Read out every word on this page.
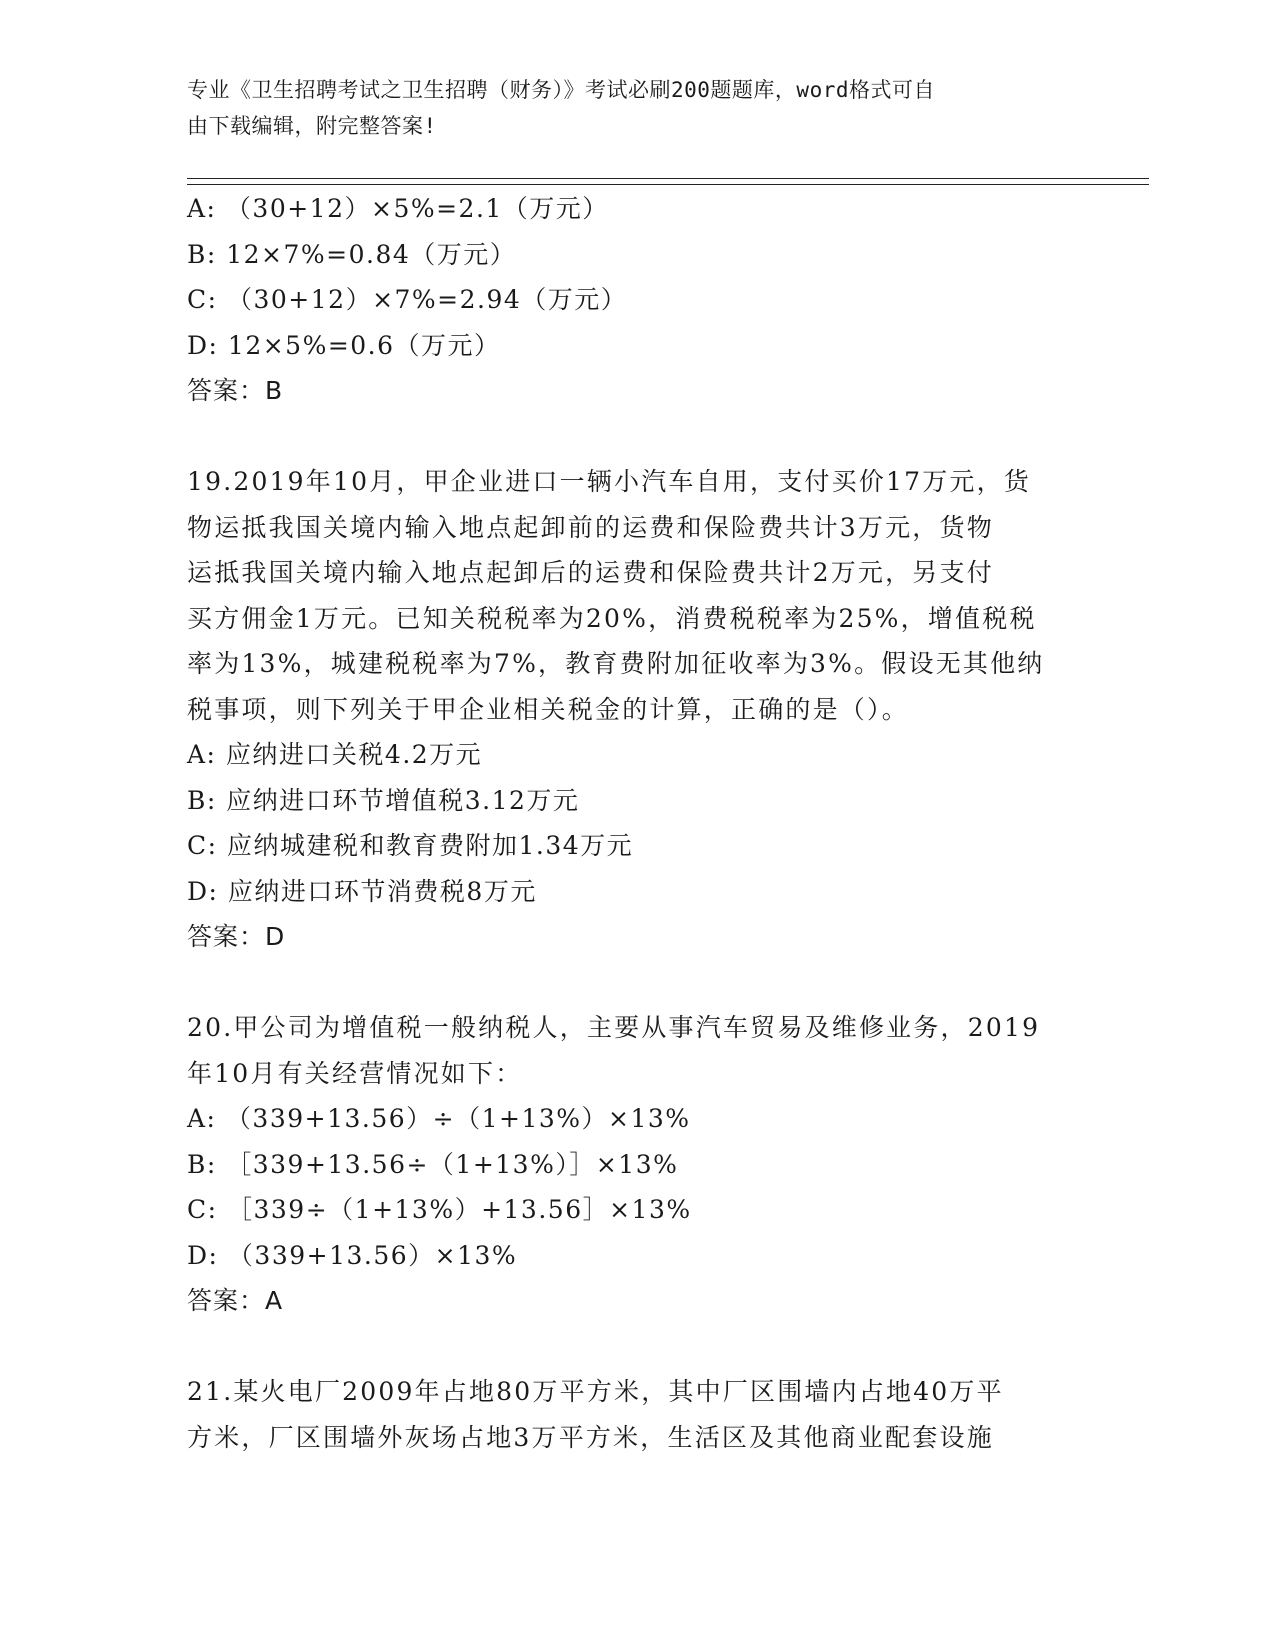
专业《卫生招聘考试之卫生招聘（财务）》考试必刷200题题库，word格式可自
由下载编辑，附完整答案!
A: （30+12）×5%=2.1（万元）
B: 12×7%=0.84（万元）
C: （30+12）×7%=2.94（万元）
D: 12×5%=0.6（万元）
答案：B
19.2019年10月，甲企业进口一辆小汽车自用，支付买价17万元，货
物运抵我国关境内输入地点起卸前的运费和保险费共计3万元，货物
运抵我国关境内输入地点起卸后的运费和保险费共计2万元，另支付
买方佣金1万元。已知关税税率为20%，消费税税率为25%，增值税税
率为13%，城建税税率为7%，教育费附加征收率为3%。假设无其他纳
税事项，则下列关于甲企业相关税金的计算，正确的是（）。
A: 应纳进口关税4.2万元
B: 应纳进口环节增值税3.12万元
C: 应纳城建税和教育费附加1.34万元
D: 应纳进口环节消费税8万元
答案：D
20.甲公司为增值税一般纳税人，主要从事汽车贸易及维修业务，2019
年10月有关经营情况如下：
A: （339+13.56）÷（1+13%）×13%
B: ［339+13.56÷（1+13%）］×13%
C: ［339÷（1+13%）+13.56］×13%
D: （339+13.56）×13%
答案：A
21.某火电厂2009年占地80万平方米，其中厂区围墙内占地40万平
方米，厂区围墙外灰场占地3万平方米，生活区及其他商业配套设施
